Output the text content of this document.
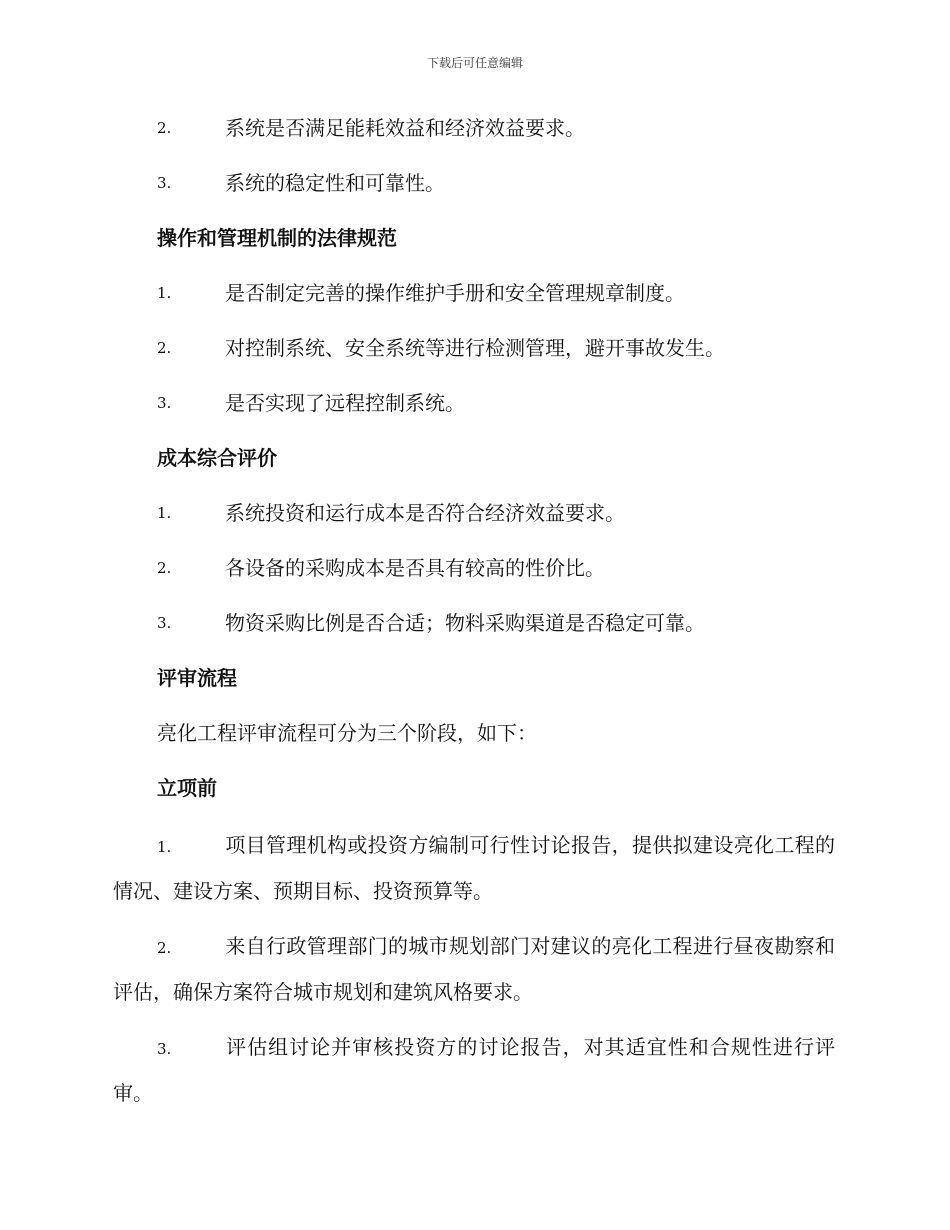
下载后可任意编辑
2.	系统是否满足能耗效益和经济效益要求。
3.	系统的稳定性和可靠性。
操作和管理机制的法律规范
1.	是否制定完善的操作维护手册和安全管理规章制度。
2.	对控制系统、安全系统等进行检测管理，避开事故发生。
3.	是否实现了远程控制系统。
成本综合评价
1.	系统投资和运行成本是否符合经济效益要求。
2.	各设备的采购成本是否具有较高的性价比。
3.	物资采购比例是否合适；物料采购渠道是否稳定可靠。
评审流程
亮化工程评审流程可分为三个阶段，如下：
立项前
1.	项目管理机构或投资方编制可行性讨论报告，提供拟建设亮化工程的情况、建设方案、预期目标、投资预算等。
2.	来自行政管理部门的城市规划部门对建议的亮化工程进行昼夜勘察和评估，确保方案符合城市规划和建筑风格要求。
3.	评估组讨论并审核投资方的讨论报告，对其适宜性和合规性进行评审。
